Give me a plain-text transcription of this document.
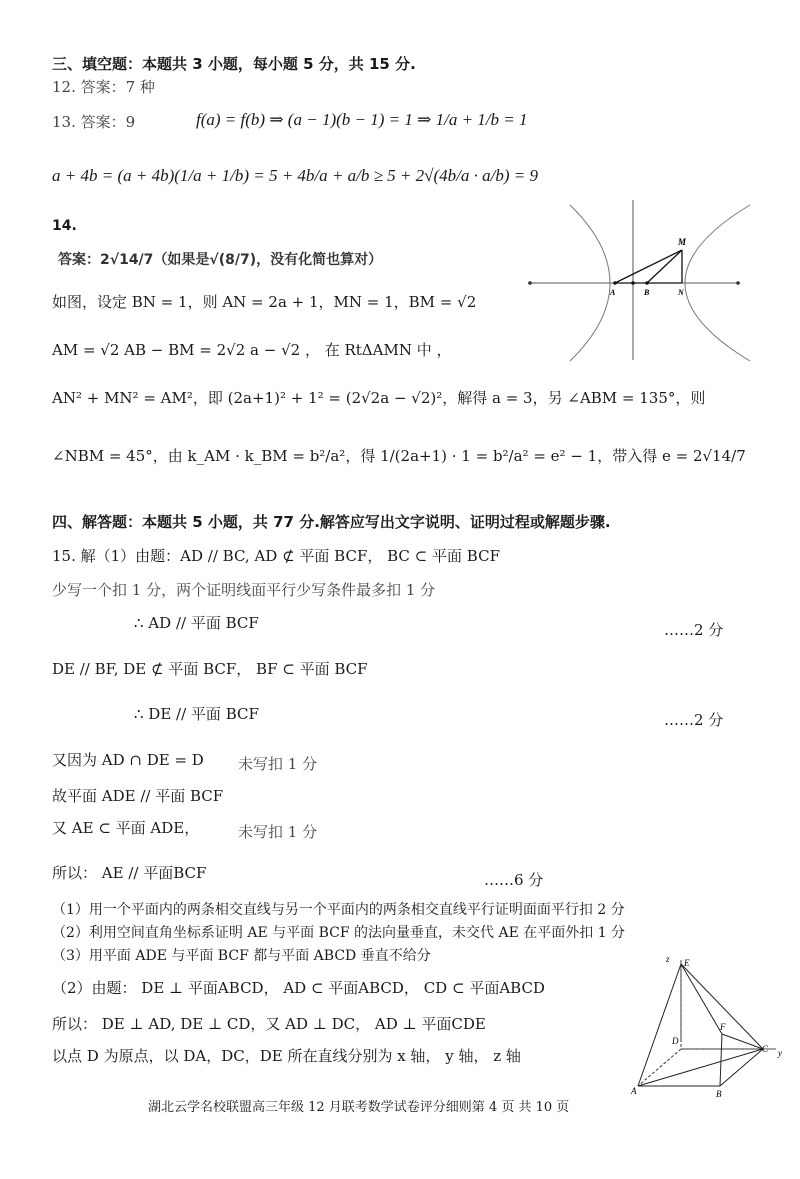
三、填空题：本题共 3 小题，每小题 5 分，共 15 分.
12. 答案：7 种
13. 答案：9	f(a) = f(b) ⇒ (a − 1)(b − 1) = 1 ⇒ 1/a + 1/b = 1
a + 4b = (a + 4b)(1/a + 1/b) = 5 + 4b/a + a/b ≥ 5 + 2√(4b/a · a/b) = 9
14.
答案：2√14/7（如果是√(8/7)，没有化简也算对）
如图，设定 BN = 1，则 AN = 2a + 1，MN = 1，BM = √2
AM = √2 AB − BM = 2√2 a − √2 ， 在 RtΔAMN 中 ，
AN² + MN² = AM²，即 (2a+1)² + 1² = (2√2a − √2)²，解得 a = 3，另 ∠ABM = 135°，则
∠NBM = 45°，由 k_AM · k_BM = b²/a²，得 1/(2a+1) · 1 = b²/a² = e² − 1，带入得 e = 2√14/7
M
A	B	N
四、解答题：本题共 5 小题，共 77 分.解答应写出文字说明、证明过程或解题步骤.
15. 解（1）由题：AD // BC, AD ⊄ 平面 BCF， BC ⊂ 平面 BCF
少写一个扣 1 分，两个证明线面平行少写条件最多扣 1 分
∴ AD // 平面 BCF	……2 分
DE // BF, DE ⊄ 平面 BCF， BF ⊂ 平面 BCF
∴ DE // 平面 BCF	……2 分
又因为 AD ∩ DE = D 未写扣 1 分
故平面 ADE // 平面 BCF
又 AE ⊂ 平面 ADE，	未写扣 1 分
所以： AE // 平面BCF	……6 分
（1）用一个平面内的两条相交直线与另一个平面内的两条相交直线平行证明面面平行扣 2 分
（2）利用空间直角坐标系证明 AE 与平面 BCF 的法向量垂直，未交代 AE 在平面外扣 1 分
（3）用平面 ADE 与平面 BCF 都与平面 ABCD 垂直不给分
（2）由题： DE ⊥ 平面ABCD， AD ⊂ 平面ABCD， CD ⊂ 平面ABCD
所以： DE ⊥ AD, DE ⊥ CD，又 AD ⊥ DC， AD ⊥ 平面CDE
以点 D 为原点，以 DA，DC，DE 所在直线分别为 x 轴， y 轴， z 轴
z E
F
D
C y
A	B
湖北云学名校联盟高三年级 12 月联考数学试卷评分细则第 4 页 共 10 页
